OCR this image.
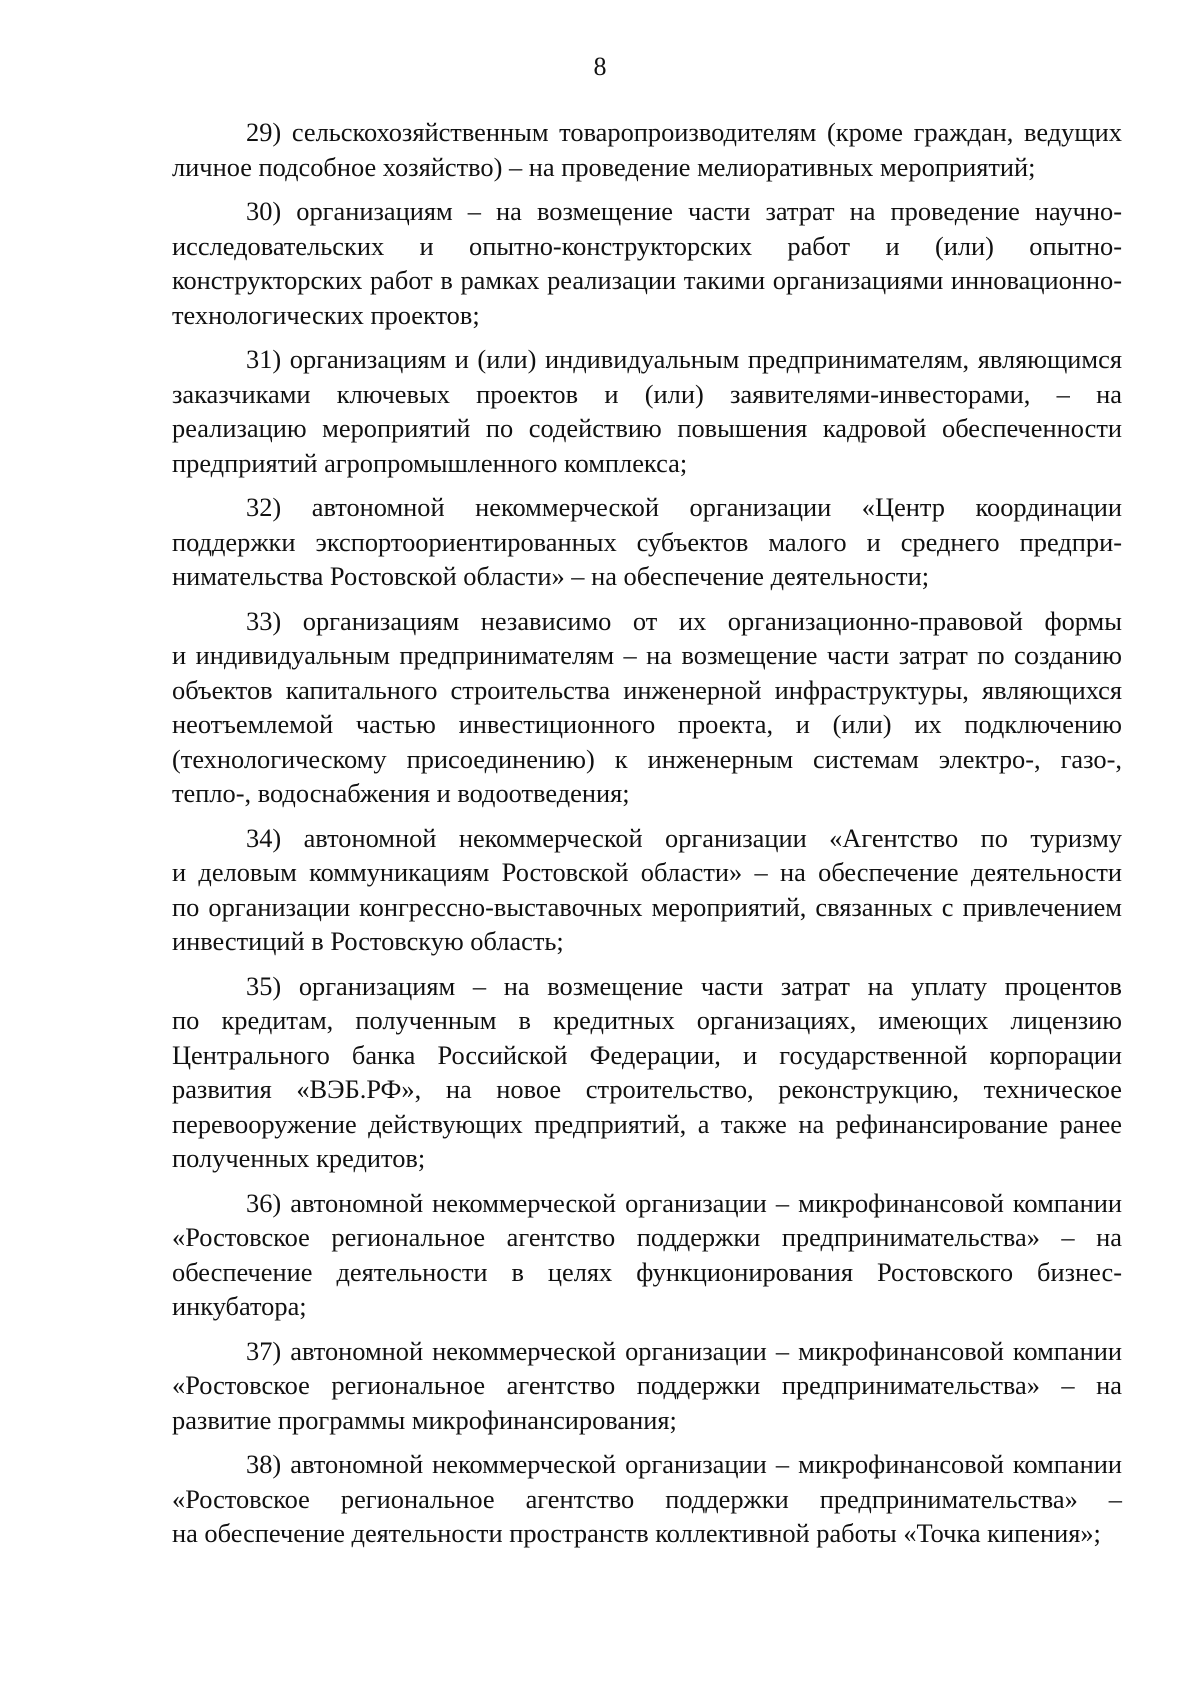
8

29) сельскохозяйственным товаропроизводителям (кроме граждан, ведущих личное подсобное хозяйство) – на проведение мелиоративных мероприятий;

30) организациям – на возмещение части затрат на проведение научно-исследовательских и опытно-конструкторских работ и (или) опытно-конструкторских работ в рамках реализации такими организациями инновационно-технологических проектов;

31) организациям и (или) индивидуальным предпринимателям, являющимся заказчиками ключевых проектов и (или) заявителями-инвесторами, – на реализацию мероприятий по содействию повышения кадровой обеспеченности предприятий агропромышленного комплекса;

32) автономной некоммерческой организации «Центр координации поддержки экспортоориентированных субъектов малого и среднего предпринимательства Ростовской области» – на обеспечение деятельности;

33) организациям независимо от их организационно-правовой формы и индивидуальным предпринимателям – на возмещение части затрат по созданию объектов капитального строительства инженерной инфраструктуры, являющихся неотъемлемой частью инвестиционного проекта, и (или) их подключению (технологическому присоединению) к инженерным системам электро-, газо-, тепло-, водоснабжения и водоотведения;

34) автономной некоммерческой организации «Агентство по туризму и деловым коммуникациям Ростовской области» – на обеспечение деятельности по организации конгрессно-выставочных мероприятий, связанных с привлечением инвестиций в Ростовскую область;

35) организациям – на возмещение части затрат на уплату процентов по кредитам, полученным в кредитных организациях, имеющих лицензию Центрального банка Российской Федерации, и государственной корпорации развития «ВЭБ.РФ», на новое строительство, реконструкцию, техническое перевооружение действующих предприятий, а также на рефинансирование ранее полученных кредитов;

36) автономной некоммерческой организации – микрофинансовой компании «Ростовское региональное агентство поддержки предпринимательства» – на обеспечение деятельности в целях функционирования Ростовского бизнес-инкубатора;

37) автономной некоммерческой организации – микрофинансовой компании «Ростовское региональное агентство поддержки предпринимательства» – на развитие программы микрофинансирования;

38) автономной некоммерческой организации – микрофинансовой компании «Ростовское региональное агентство поддержки предпринимательства» – на обеспечение деятельности пространств коллективной работы «Точка кипения»;
